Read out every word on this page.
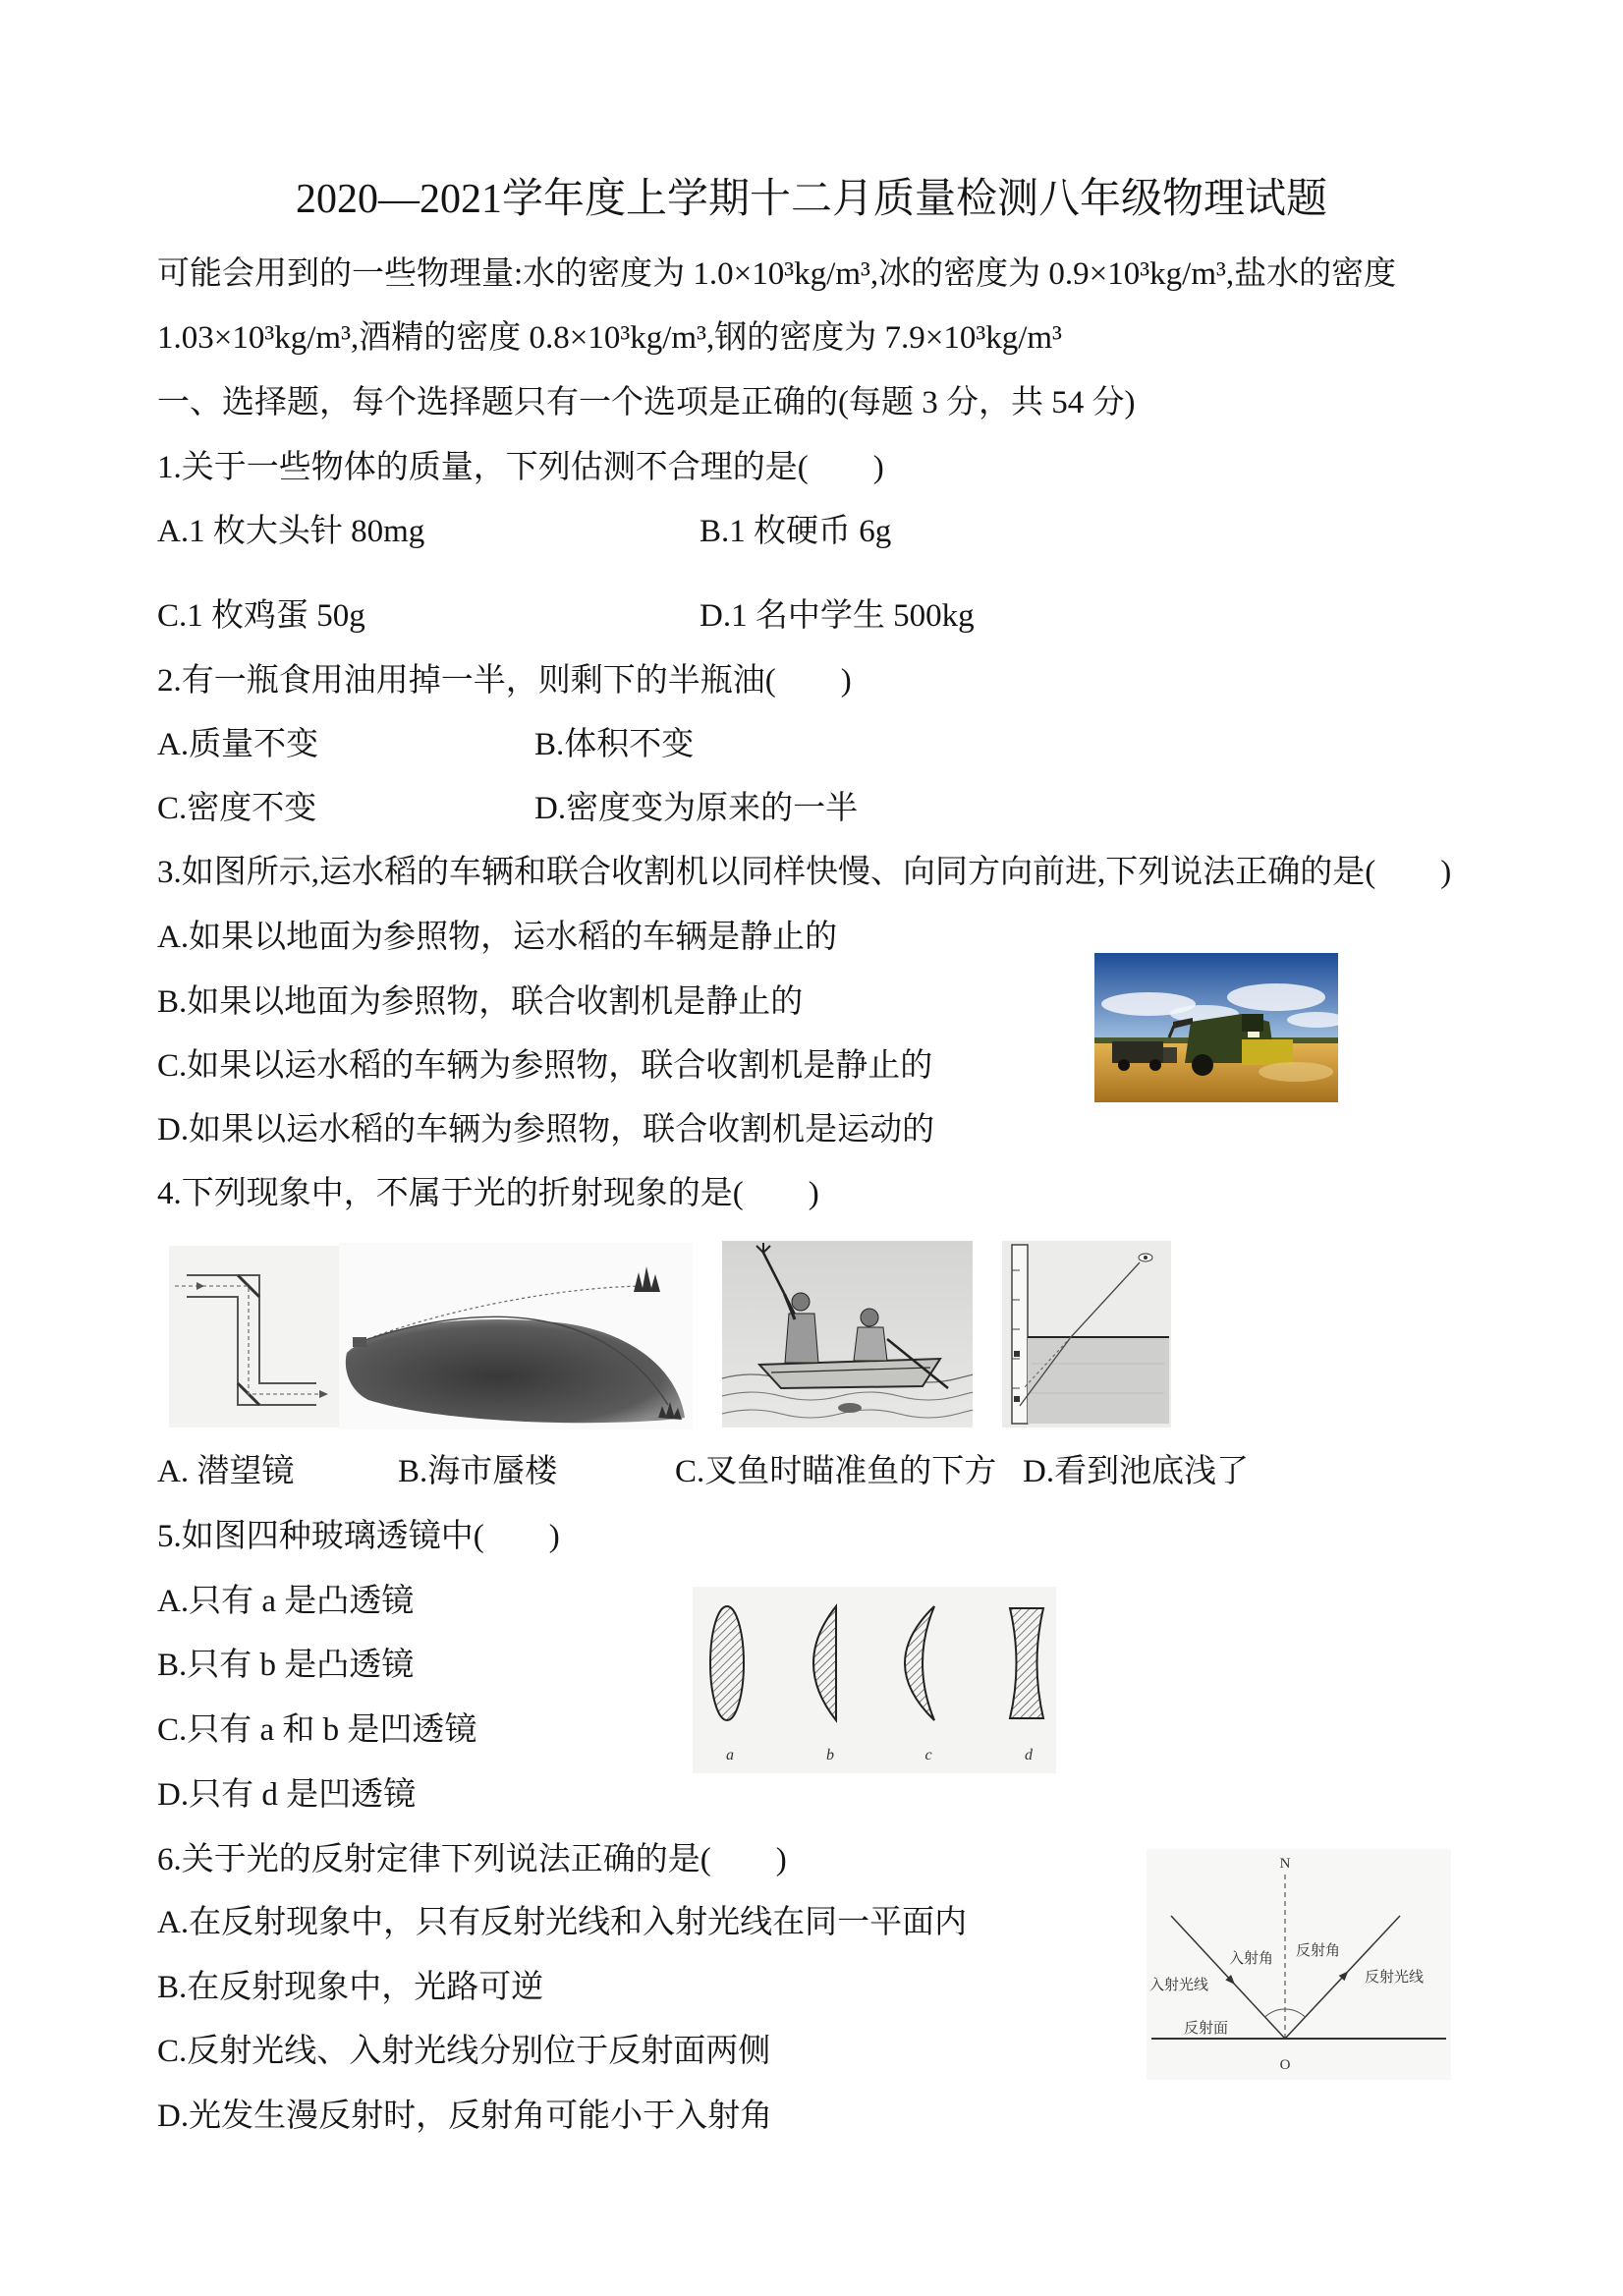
2020—2021学年度上学期十二月质量检测八年级物理试题
可能会用到的一些物理量:水的密度为 1.0×10³kg/m³,冰的密度为 0.9×10³kg/m³,盐水的密度
1.03×10³kg/m³,酒精的密度 0.8×10³kg/m³,钢的密度为 7.9×10³kg/m³
一、选择题，每个选择题只有一个选项是正确的(每题 3 分，共 54 分)
1.关于一些物体的质量，下列估测不合理的是(　　)
A.1 枚大头针 80mg	B.1 枚硬币 6g
C.1 枚鸡蛋 50g	D.1 名中学生 500kg
2.有一瓶食用油用掉一半，则剩下的半瓶油(　　)
A.质量不变	B.体积不变
C.密度不变	D.密度变为原来的一半
3.如图所示,运水稻的车辆和联合收割机以同样快慢、向同方向前进,下列说法正确的是(　　)
A.如果以地面为参照物，运水稻的车辆是静止的
B.如果以地面为参照物，联合收割机是静止的
C.如果以运水稻的车辆为参照物，联合收割机是静止的
D.如果以运水稻的车辆为参照物，联合收割机是运动的
4.下列现象中，不属于光的折射现象的是(　　)
A. 潜望镜	B.海市蜃楼	C.叉鱼时瞄准鱼的下方 D.看到池底浅了
5.如图四种玻璃透镜中(　　)
A.只有 a 是凸透镜
B.只有 b 是凸透镜
C.只有 a 和 b 是凹透镜
D.只有 d 是凹透镜
a	b	c	d
6.关于光的反射定律下列说法正确的是(　　)
A.在反射现象中，只有反射光线和入射光线在同一平面内
B.在反射现象中，光路可逆
C.反射光线、入射光线分别位于反射面两侧
D.光发生漫反射时，反射角可能小于入射角
N
入射角 反射角
入射光线	反射光线
反射面
O
